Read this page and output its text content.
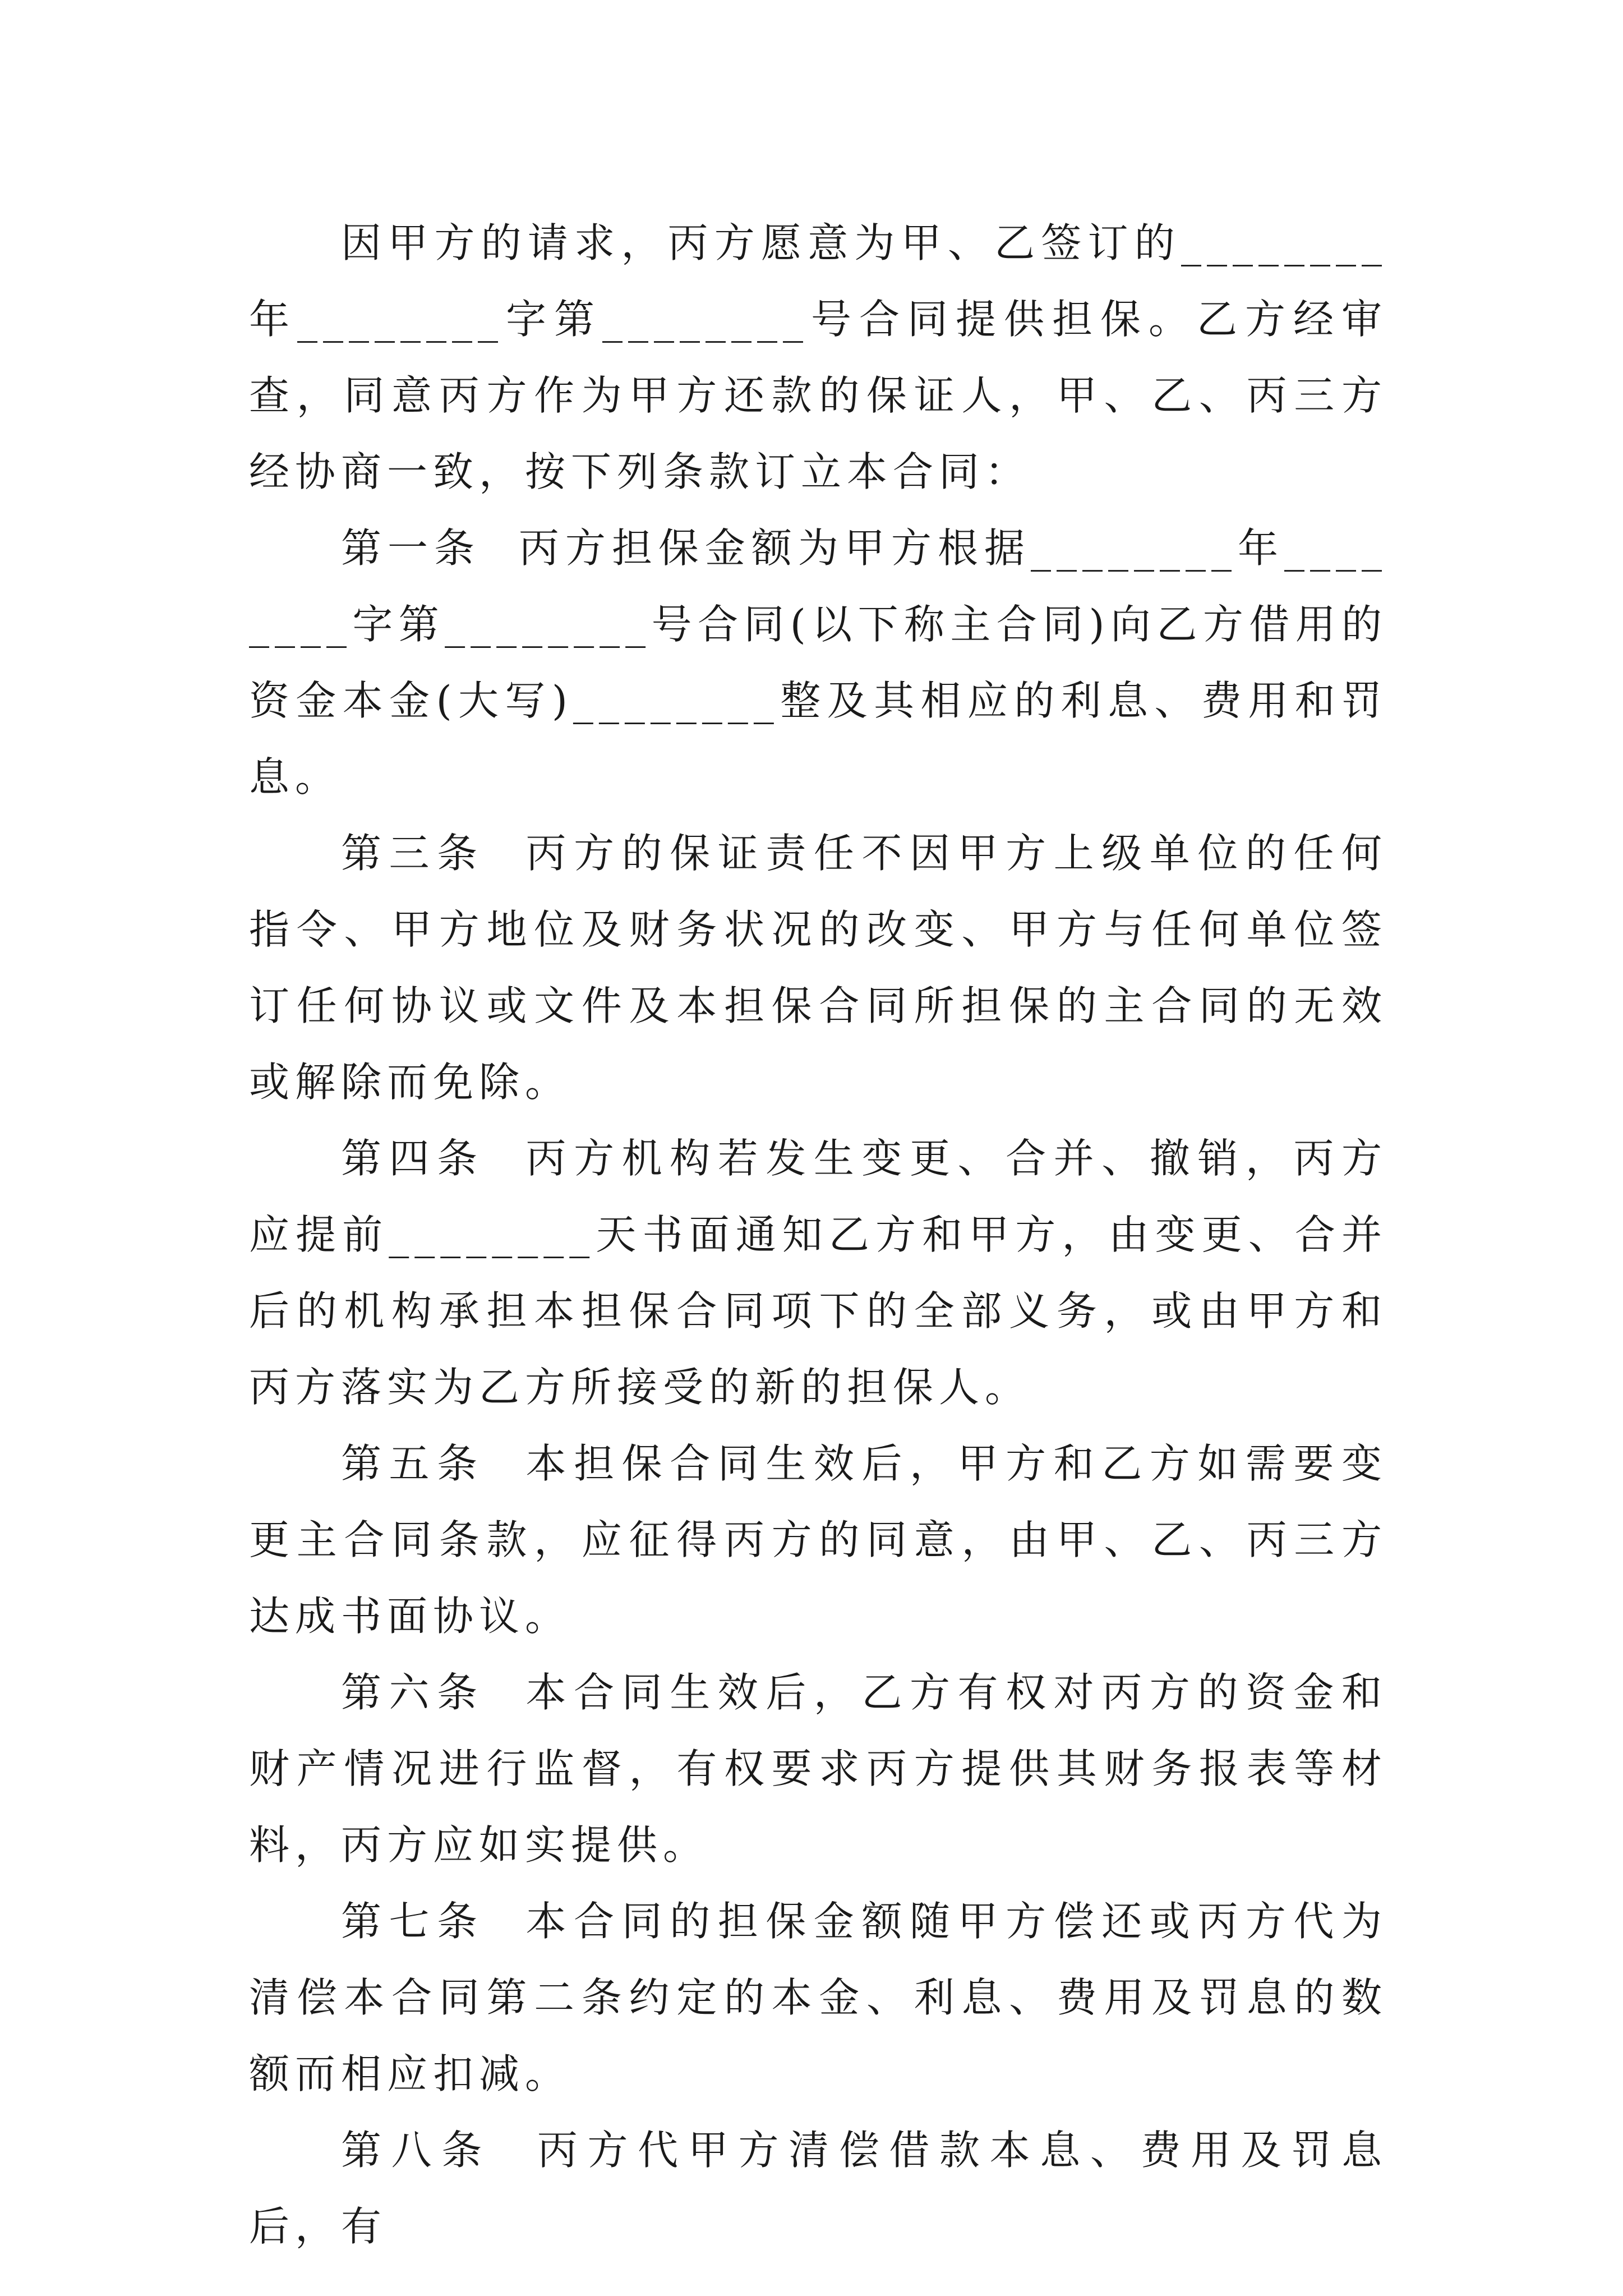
因甲方的请求，丙方愿意为甲、乙签订的________年________字第________号合同提供担保。乙方经审查，同意丙方作为甲方还款的保证人，甲、乙、丙三方经协商一致，按下列条款订立本合同：

第一条  丙方担保金额为甲方根据________年________字第________号合同(以下称主合同)向乙方借用的资金本金(大写)________整及其相应的利息、费用和罚息。

第三条  丙方的保证责任不因甲方上级单位的任何指令、甲方地位及财务状况的改变、甲方与任何单位签订任何协议或文件及本担保合同所担保的主合同的无效或解除而免除。

第四条  丙方机构若发生变更、合并、撤销，丙方应提前________天书面通知乙方和甲方，由变更、合并后的机构承担本担保合同项下的全部义务，或由甲方和丙方落实为乙方所接受的新的担保人。

第五条  本担保合同生效后，甲方和乙方如需要变更主合同条款，应征得丙方的同意，由甲、乙、丙三方达成书面协议。

第六条  本合同生效后，乙方有权对丙方的资金和财产情况进行监督，有权要求丙方提供其财务报表等材料，丙方应如实提供。

第七条  本合同的担保金额随甲方偿还或丙方代为清偿本合同第二条约定的本金、利息、费用及罚息的数额而相应扣减。

第八条  丙方代甲方清偿借款本息、费用及罚息后，有
